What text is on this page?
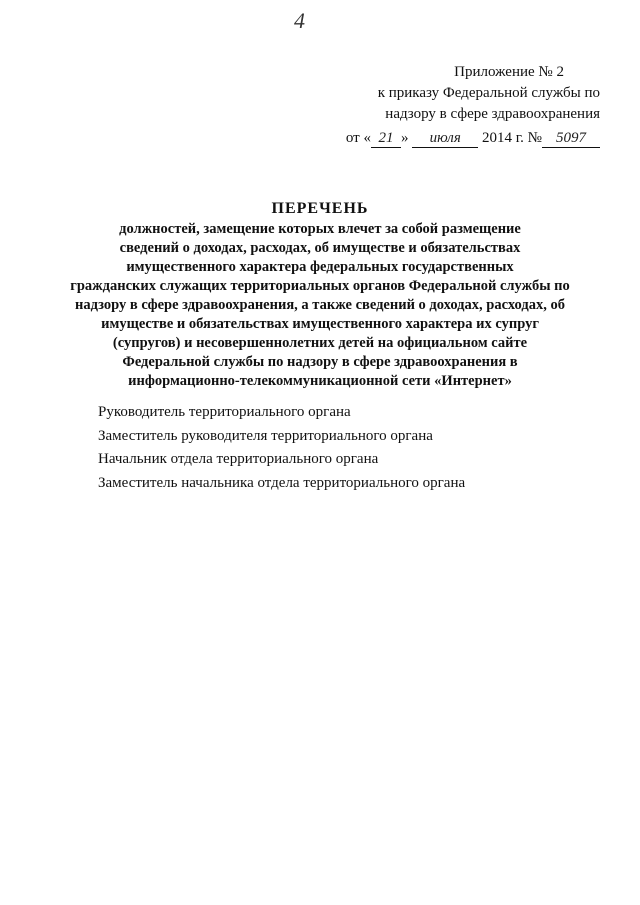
4
Приложение № 2
к приказу Федеральной службы по
надзору в сфере здравоохранения
от « 21 » июля 2014 г. № 5097
ПЕРЕЧЕНЬ

должностей, замещение которых влечет за собой размещение
сведений о доходах, расходах, об имуществе и обязательствах
имущественного характера федеральных государственных
гражданских служащих территориальных органов Федеральной службы по
надзору в сфере здравоохранения, а также сведений о доходах, расходах, об
имуществе и обязательствах имущественного характера их супруг
(супругов) и несовершеннолетних детей на официальном сайте
Федеральной службы по надзору в сфере здравоохранения в
информационно-телекоммуникационной сети «Интернет»

Руководитель территориального органа
Заместитель руководителя территориального органа
Начальник отдела территориального органа
Заместитель начальника отдела территориального органа
